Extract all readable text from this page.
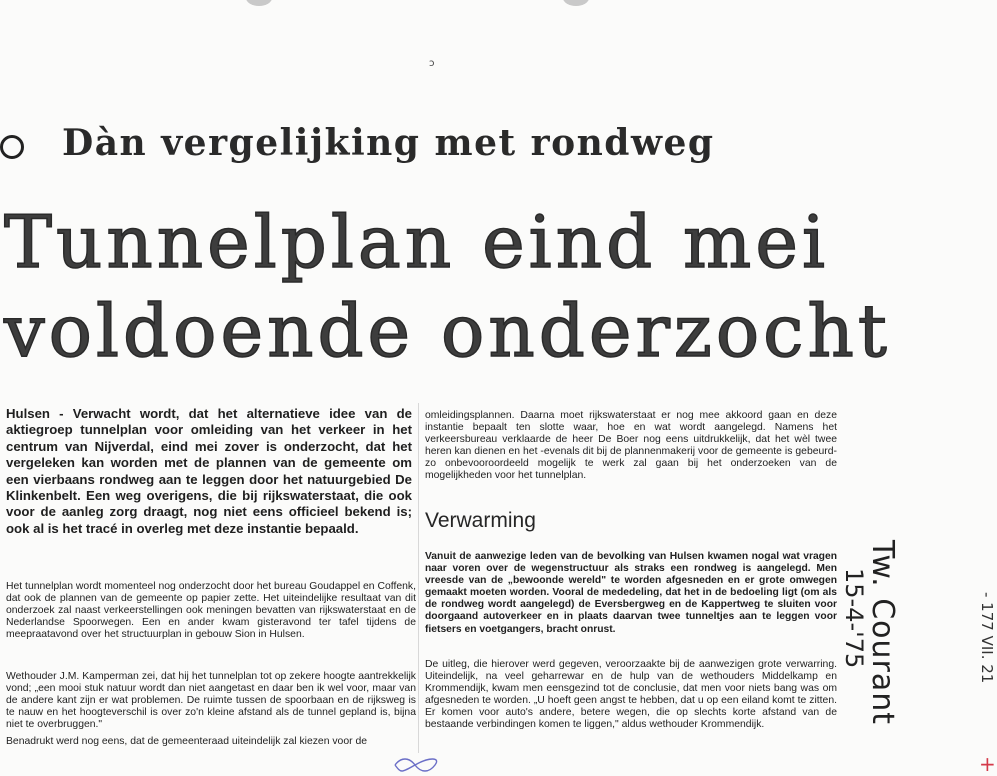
ↄ
Dàn vergelijking met rondweg
Tunnelplan eind mei
voldoende onderzocht

Hulsen - Verwacht wordt, dat het alternatieve idee van de aktiegroep tunnelplan voor omleiding van het verkeer in het centrum van Nijverdal, eind mei zover is onderzocht, dat het vergeleken kan worden met de plannen van de gemeente om een vierbaans rondweg aan te leggen door het natuurgebied De Klinkenbelt. Een weg overigens, die bij rijkswaterstaat, die ook voor de aanleg zorg draagt, nog niet eens officieel bekend is; ook al is het tracé in overleg met deze instantie bepaald.

Het tunnelplan wordt momenteel nog onderzocht door het bureau Goudappel en Coffenk, dat ook de plannen van de gemeente op papier zette. Het uiteindelijke resultaat van dit onderzoek zal naast verkeerstellingen ook meningen bevatten van rijkswaterstaat en de Nederlandse Spoorwegen. Een en ander kwam gisteravond ter tafel tijdens de meepraatavond over het structuurplan in gebouw Sion in Hulsen.

Wethouder J.M. Kamperman zei, dat hij het tunnelplan tot op zekere hoogte aantrekkelijk vond; „een mooi stuk natuur wordt dan niet aangetast en daar ben ik wel voor, maar van de andere kant zijn er wat problemen. De ruimte tussen de spoorbaan en de rijksweg is te nauw en het hoogteverschil is over zo'n kleine afstand als de tunnel gepland is, bijna niet te overbruggen."

Benadrukt werd nog eens, dat de gemeenteraad uiteindelijk zal kiezen voor de

omleidingsplannen. Daarna moet rijkswaterstaat er nog mee akkoord gaan en deze instantie bepaalt ten slotte waar, hoe en wat wordt aangelegd. Namens het verkeersbureau verklaarde de heer De Boer nog eens uitdrukkelijk, dat het wèl twee heren kan dienen en het -evenals dit bij de plannenmakerij voor de gemeente is gebeurd- zo onbevooroordeeld mogelijk te werk zal gaan bij het onderzoeken van de mogelijkheden voor het tunnelplan.

Verwarming

Vanuit de aanwezige leden van de bevolking van Hulsen kwamen nogal wat vragen naar voren over de wegenstructuur als straks een rondweg is aangelegd. Men vreesde van de „bewoonde wereld" te worden afgesneden en er grote omwegen gemaakt moeten worden. Vooral de mededeling, dat het in de bedoeling ligt (om als de rondweg wordt aangelegd) de Eversbergweg en de Kappertweg te sluiten voor doorgaand autoverkeer en in plaats daarvan twee tunneltjes aan te leggen voor fietsers en voetgangers, bracht onrust.

De uitleg, die hierover werd gegeven, veroorzaakte bij de aanwezigen grote verwarring. Uiteindelijk, na veel geharrewar en de hulp van de wethouders Middelkamp en Krommendijk, kwam men eensgezind tot de conclusie, dat men voor niets bang was om afgesneden te worden. „U hoeft geen angst te hebben, dat u op een eiland komt te zitten. Er komen voor auto's andere, betere wegen, die op slechts korte afstand van de bestaande verbindingen komen te liggen," aldus wethouder Krommendijk.	Tw. Courant
15-4-'75	- 177 VII. 21
+
